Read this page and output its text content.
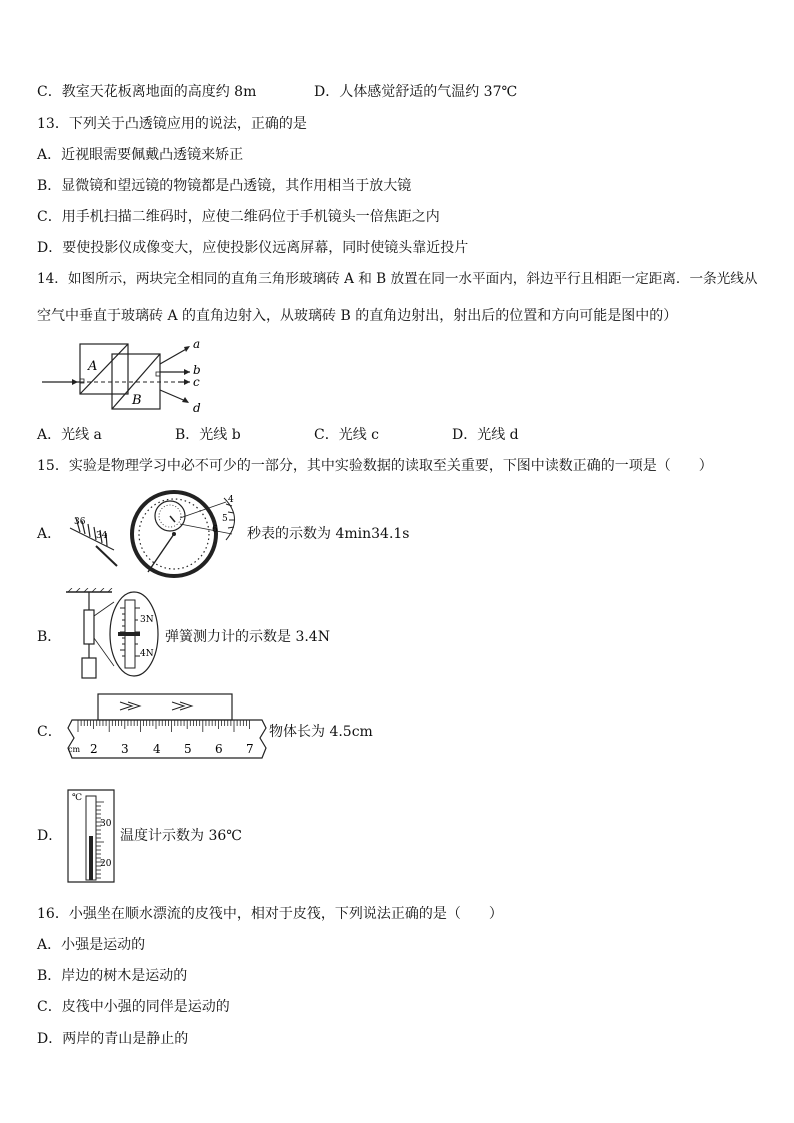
C．教室天花板离地面的高度约 8m	D．人体感觉舒适的气温约 37℃
13．下列关于凸透镜应用的说法，正确的是
A．近视眼需要佩戴凸透镜来矫正
B．显微镜和望远镜的物镜都是凸透镜，其作用相当于放大镜
C．用手机扫描二维码时，应使二维码位于手机镜头一倍焦距之内
D．要使投影仪成像变大，应使投影仪远离屏幕，同时使镜头靠近投片
14．如图所示，两块完全相同的直角三角形玻璃砖 A 和 B 放置在同一水平面内，斜边平行且相距一定距离．一条光线从
空气中垂直于玻璃砖 A 的直角边射入，从玻璃砖 B 的直角边射出，射出后的位置和方向可能是图中的）
A
B
a
b
c
d
A．光线 a	B．光线 b	C．光线 c	D．光线 d
15．实验是物理学习中必不可少的一部分，其中实验数据的读取至关重要，下图中读数正确的一项是（　　）
A．
36
34
4
5
6 秒表的示数为 4min34.1s
B．
3N
4N
弹簧测力计的示数是 3.4N
C．
cm 2 3 4 5 6 7
物体长为 4.5cm
D．
℃
30
20
温度计示数为 36℃
16．小强坐在顺水漂流的皮筏中，相对于皮筏，下列说法正确的是（　　）
A．小强是运动的
B．岸边的树木是运动的
C．皮筏中小强的同伴是运动的
D．两岸的青山是静止的
